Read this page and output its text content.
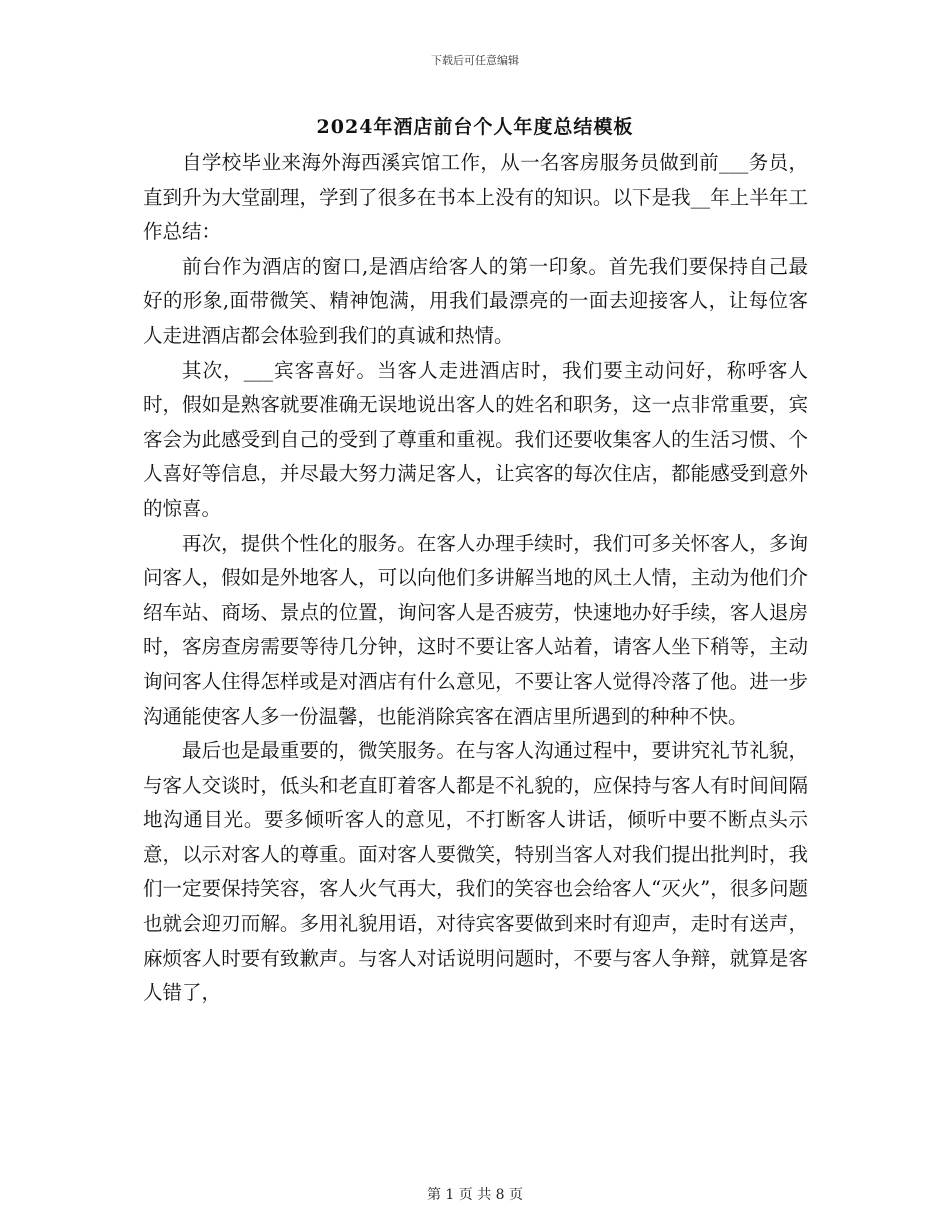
下载后可任意编辑
2024年酒店前台个人年度总结模板

自学校毕业来海外海西溪宾馆工作，从一名客房服务员做到前___务员，直到升为大堂副理，学到了很多在书本上没有的知识。以下是我__年上半年工作总结：

前台作为酒店的窗口,是酒店给客人的第一印象。首先我们要保持自己最好的形象,面带微笑、精神饱满，用我们最漂亮的一面去迎接客人，让每位客人走进酒店都会体验到我们的真诚和热情。

其次，___宾客喜好。当客人走进酒店时，我们要主动问好，称呼客人时，假如是熟客就要准确无误地说出客人的姓名和职务，这一点非常重要，宾客会为此感受到自己的受到了尊重和重视。我们还要收集客人的生活习惯、个人喜好等信息，并尽最大努力满足客人，让宾客的每次住店，都能感受到意外的惊喜。

再次，提供个性化的服务。在客人办理手续时，我们可多关怀客人，多询问客人，假如是外地客人，可以向他们多讲解当地的风土人情，主动为他们介绍车站、商场、景点的位置，询问客人是否疲劳，快速地办好手续，客人退房时，客房查房需要等待几分钟，这时不要让客人站着，请客人坐下稍等，主动询问客人住得怎样或是对酒店有什么意见，不要让客人觉得冷落了他。进一步沟通能使客人多一份温馨，也能消除宾客在酒店里所遇到的种种不快。

最后也是最重要的，微笑服务。在与客人沟通过程中，要讲究礼节礼貌，与客人交谈时，低头和老直盯着客人都是不礼貌的，应保持与客人有时间间隔地沟通目光。要多倾听客人的意见，不打断客人讲话，倾听中要不断点头示意，以示对客人的尊重。面对客人要微笑，特别当客人对我们提出批判时，我们一定要保持笑容，客人火气再大，我们的笑容也会给客人“灭火”，很多问题也就会迎刃而解。多用礼貌用语，对待宾客要做到来时有迎声，走时有送声，麻烦客人时要有致歉声。与客人对话说明问题时，不要与客人争辩，就算是客人错了，

第 1 页 共 8 页
